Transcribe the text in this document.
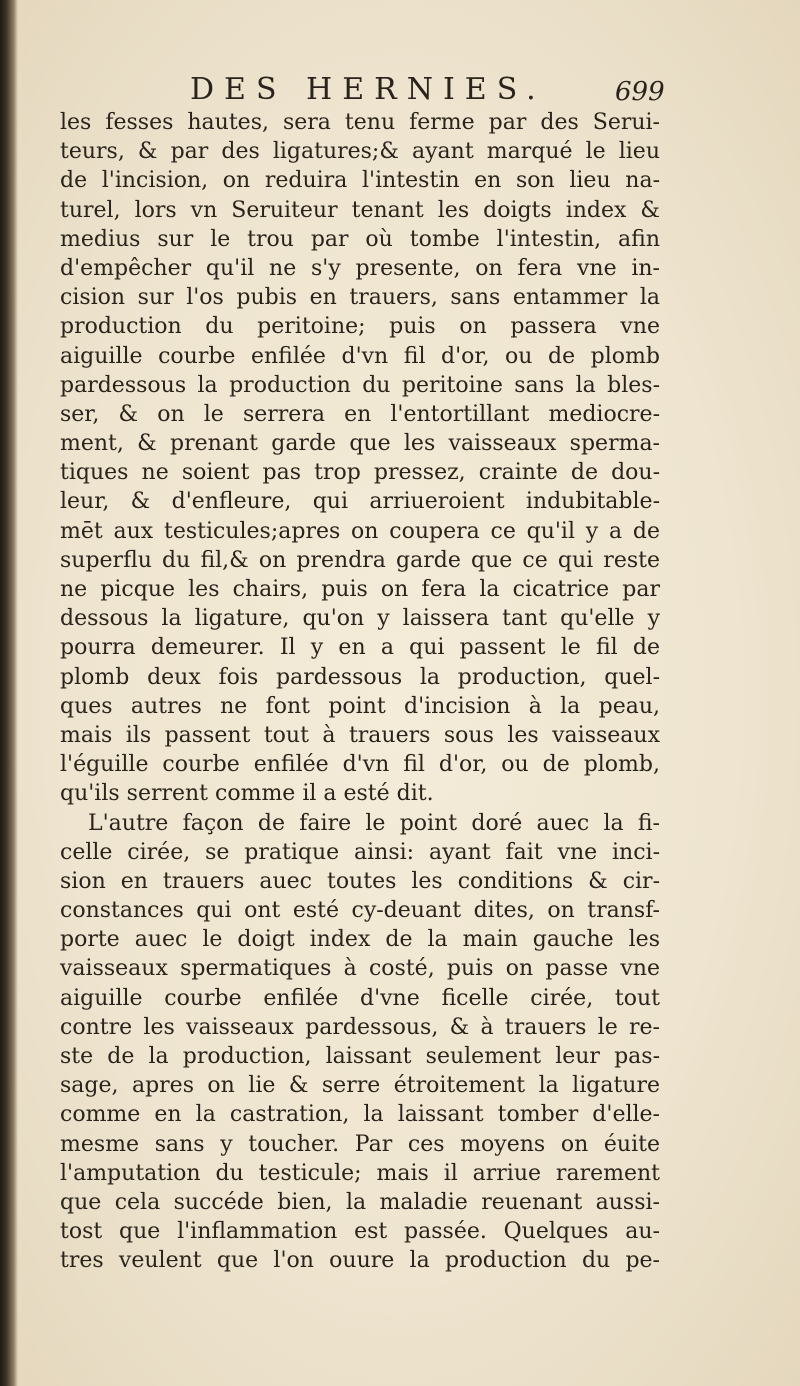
DES HERNIES.	699
les fesses hautes, sera tenu ferme par des Serui-
teurs, & par des ligatures;& ayant marqué le lieu
de l'incision, on reduira l'intestin en son lieu na-
turel, lors vn Seruiteur tenant les doigts index &
medius sur le trou par où tombe l'intestin, afin
d'empêcher qu'il ne s'y presente, on fera vne in-
cision sur l'os pubis en trauers, sans entammer la
production du peritoine; puis on passera vne
aiguille courbe enfilée d'vn fil d'or, ou de plomb
pardessous la production du peritoine sans la bles-
ser, & on le serrera en l'entortillant mediocre-
ment, & prenant garde que les vaisseaux sperma-
tiques ne soient pas trop pressez, crainte de dou-
leur, & d'enfleure, qui arriueroient indubitable-
mēt aux testicules;apres on coupera ce qu'il y a de
superflu du fil,& on prendra garde que ce qui reste
ne picque les chairs, puis on fera la cicatrice par
dessous la ligature, qu'on y laissera tant qu'elle y
pourra demeurer. Il y en a qui passent le fil de
plomb deux fois pardessous la production, quel-
ques autres ne font point d'incision à la peau,
mais ils passent tout à trauers sous les vaisseaux
l'éguille courbe enfilée d'vn fil d'or, ou de plomb,
qu'ils serrent comme il a esté dit.
L'autre façon de faire le point doré auec la fi-
celle cirée, se pratique ainsi: ayant fait vne inci-
sion en trauers auec toutes les conditions & cir-
constances qui ont esté cy-deuant dites, on transf-
porte auec le doigt index de la main gauche les
vaisseaux spermatiques à costé, puis on passe vne
aiguille courbe enfilée d'vne ficelle cirée, tout
contre les vaisseaux pardessous, & à trauers le re-
ste de la production, laissant seulement leur pas-
sage, apres on lie & serre étroitement la ligature
comme en la castration, la laissant tomber d'elle-
mesme sans y toucher. Par ces moyens on éuite
l'amputation du testicule; mais il arriue rarement
que cela succéde bien, la maladie reuenant aussi-
tost que l'inflammation est passée. Quelques au-
tres veulent que l'on ouure la production du pe-
